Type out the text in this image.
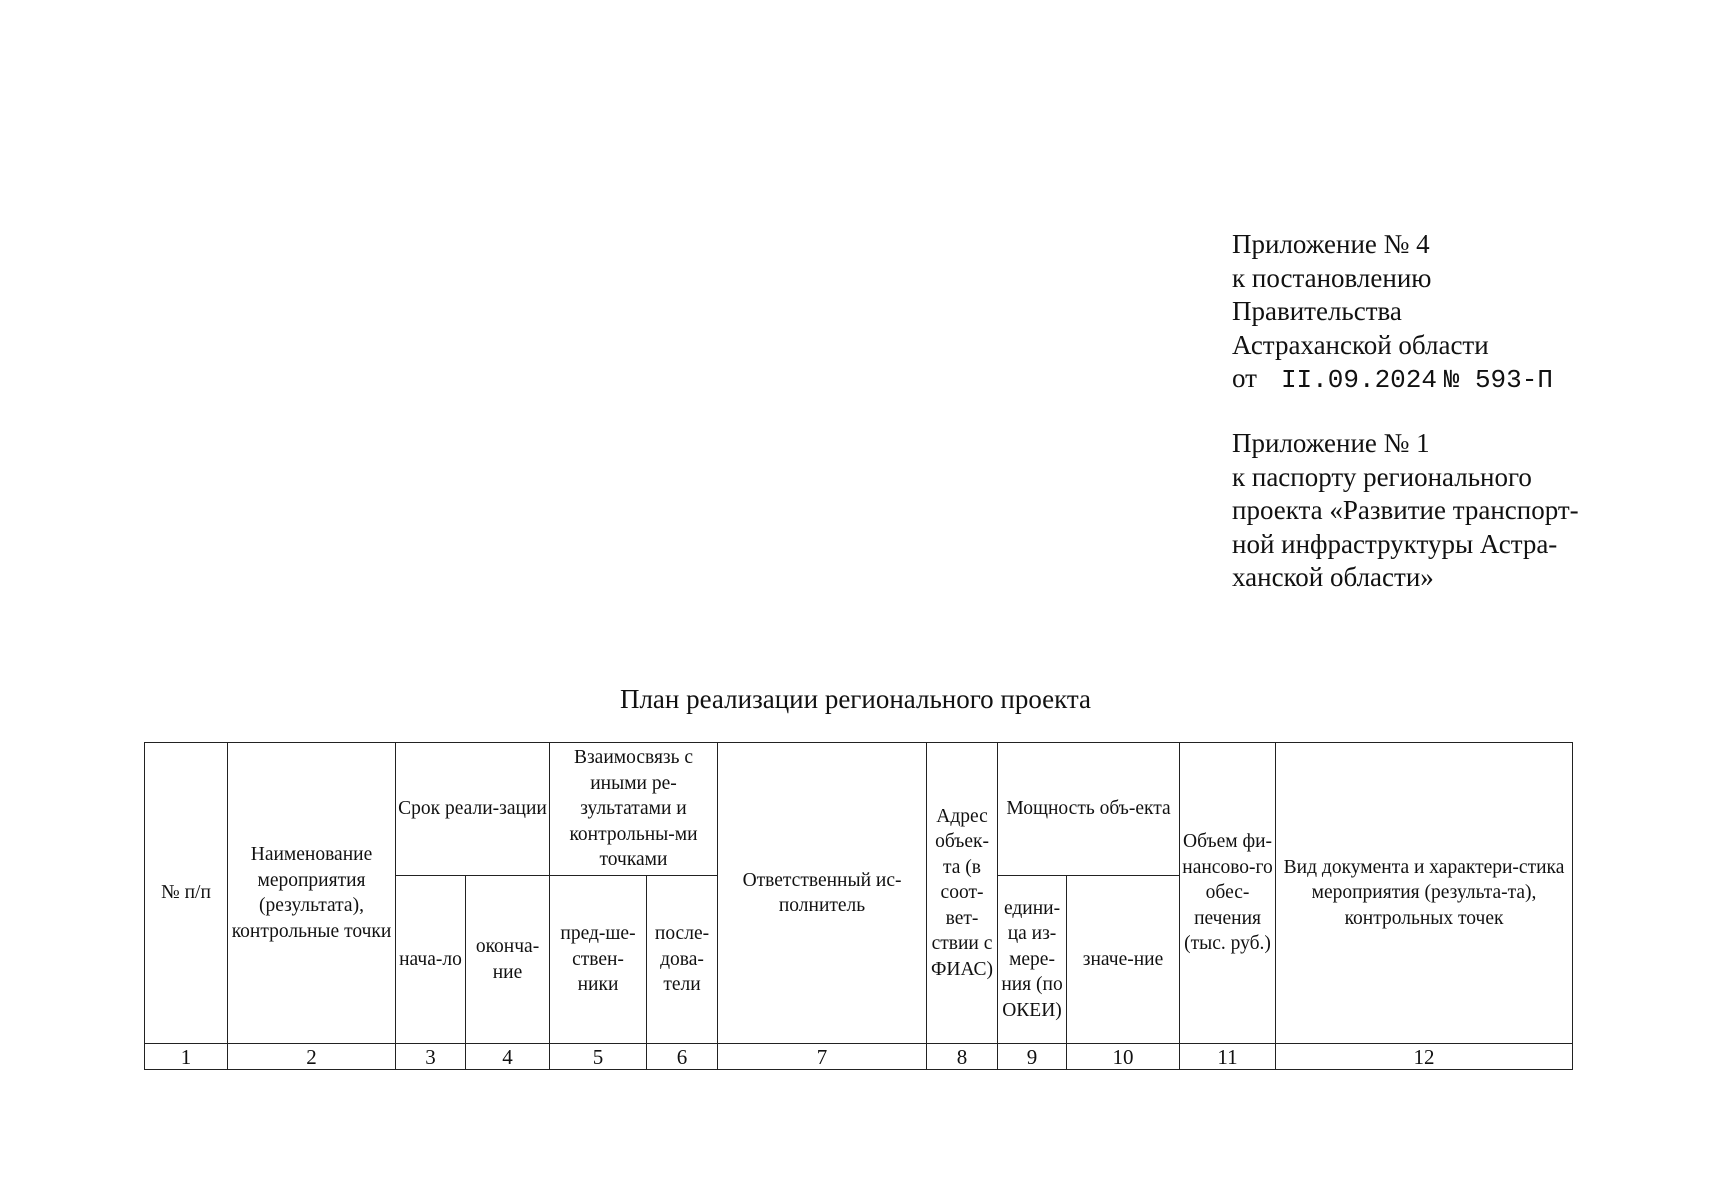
Приложение № 4
к постановлению
Правительства
Астраханской области
от II.09.2024 № 593-П
Приложение № 1
к паспорту регионального
проекта «Развитие транспорт-
ной инфраструктуры Астра-
ханской области»
План реализации регионального проекта
№ п/п	Наименование мероприятия (результата), контрольные точки	Срок реали-зации		Взаимосвязь с иными ре-зультатами и контрольны-ми точками		Ответственный ис-полнитель	Адрес объек-та (в соот-вет-ствии с ФИАС)	Мощность объ-екта		Объем фи-нансово-го обес-печения (тыс. руб.)	Вид документа и характери-стика мероприятия (результа-та), контрольных точек
		нача-ло	оконча-ние	пред-ше-ствен-ники	после-дова-тели			едини-ца из-мере-ния (по ОКЕИ)	значе-ние		
1	2	3	4	5	6	7	8	9	10	11	12
